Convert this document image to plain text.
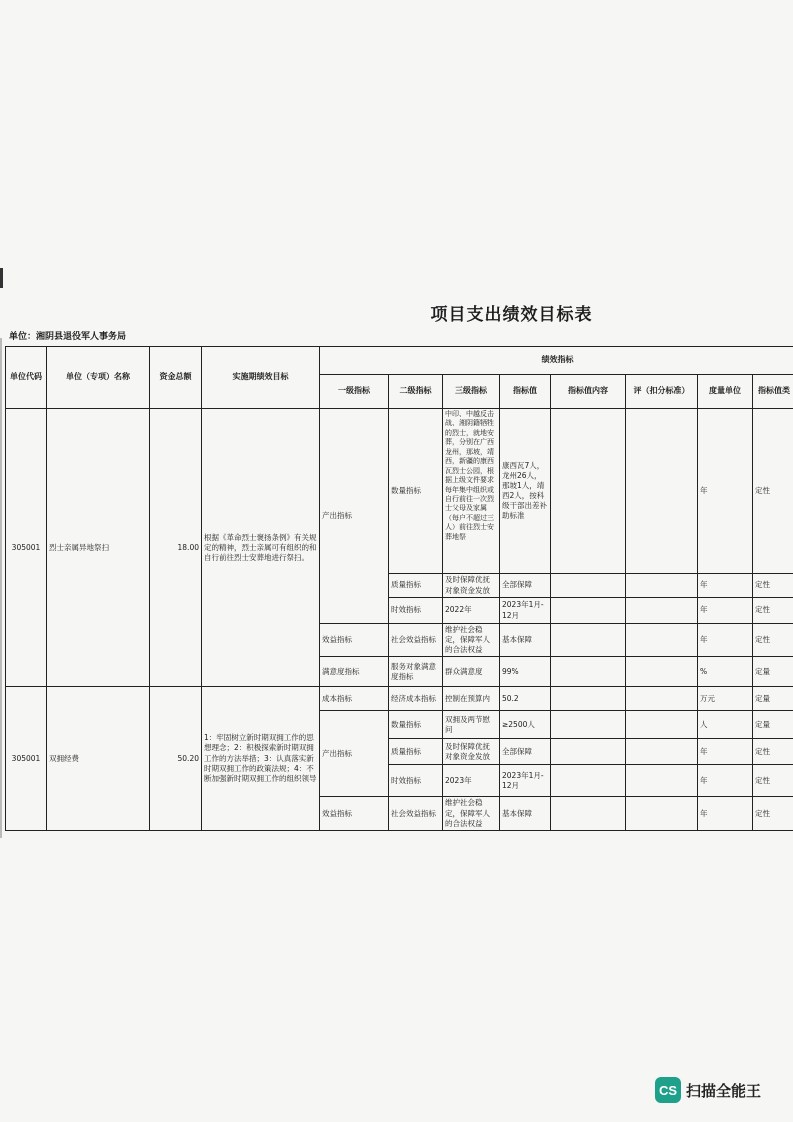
项目支出绩效目标表
单位：湘阴县退役军人事务局
单位代码	单位（专项）名称	资金总额	实施期绩效目标	绩效指标							
				一级指标	二级指标	三级指标	指标值	指标值内容	评（扣分标准）	度量单位	指标值类
305001	烈士亲属异地祭扫	18.00	根据《革命烈士褒扬条例》有关规定的精神，烈士亲属可有组织的和自行前往烈士安葬地进行祭扫。	产出指标	数量指标	中印、中越反击战、湘阴籍牺牲的烈士，就地安葬，分别在广西龙州，那坡，靖西，新疆的康西瓦烈士公园，根据上级文件要求每年集中组织或自行前往一次烈士父母及家属（每户不超过三人）前往烈士安葬地祭	康西瓦7人，龙州26人，那坡1人，靖西2人，按科级干部出差补助标准			年	定性
					质量指标	及时保障优抚对象资金发放	全部保障			年	定性
					时效指标	2022年	2023年1月-12月			年	定性
				效益指标	社会效益指标	维护社会稳定，保障军人的合法权益	基本保障			年	定性
				满意度指标	服务对象满意度指标	群众满意度	99%			%	定量
305001	双拥经费	50.20	1：牢固树立新时期双拥工作的思想理念；2：积极探索新时期双拥工作的方法举措；3：认真落实新时期双拥工作的政策法规；4：不断加强新时期双拥工作的组织领导	成本指标	经济成本指标	控制在预算内	50.2			万元	定量
				产出指标	数量指标	双拥及两节慰问	≥2500人			人	定量
					质量指标	及时保障优抚对象资金发放	全部保障			年	定性
					时效指标	2023年	2023年1月-12月			年	定性
				效益指标	社会效益指标	维护社会稳定，保障军人的合法权益	基本保障			年	定性
CS 扫描全能王
